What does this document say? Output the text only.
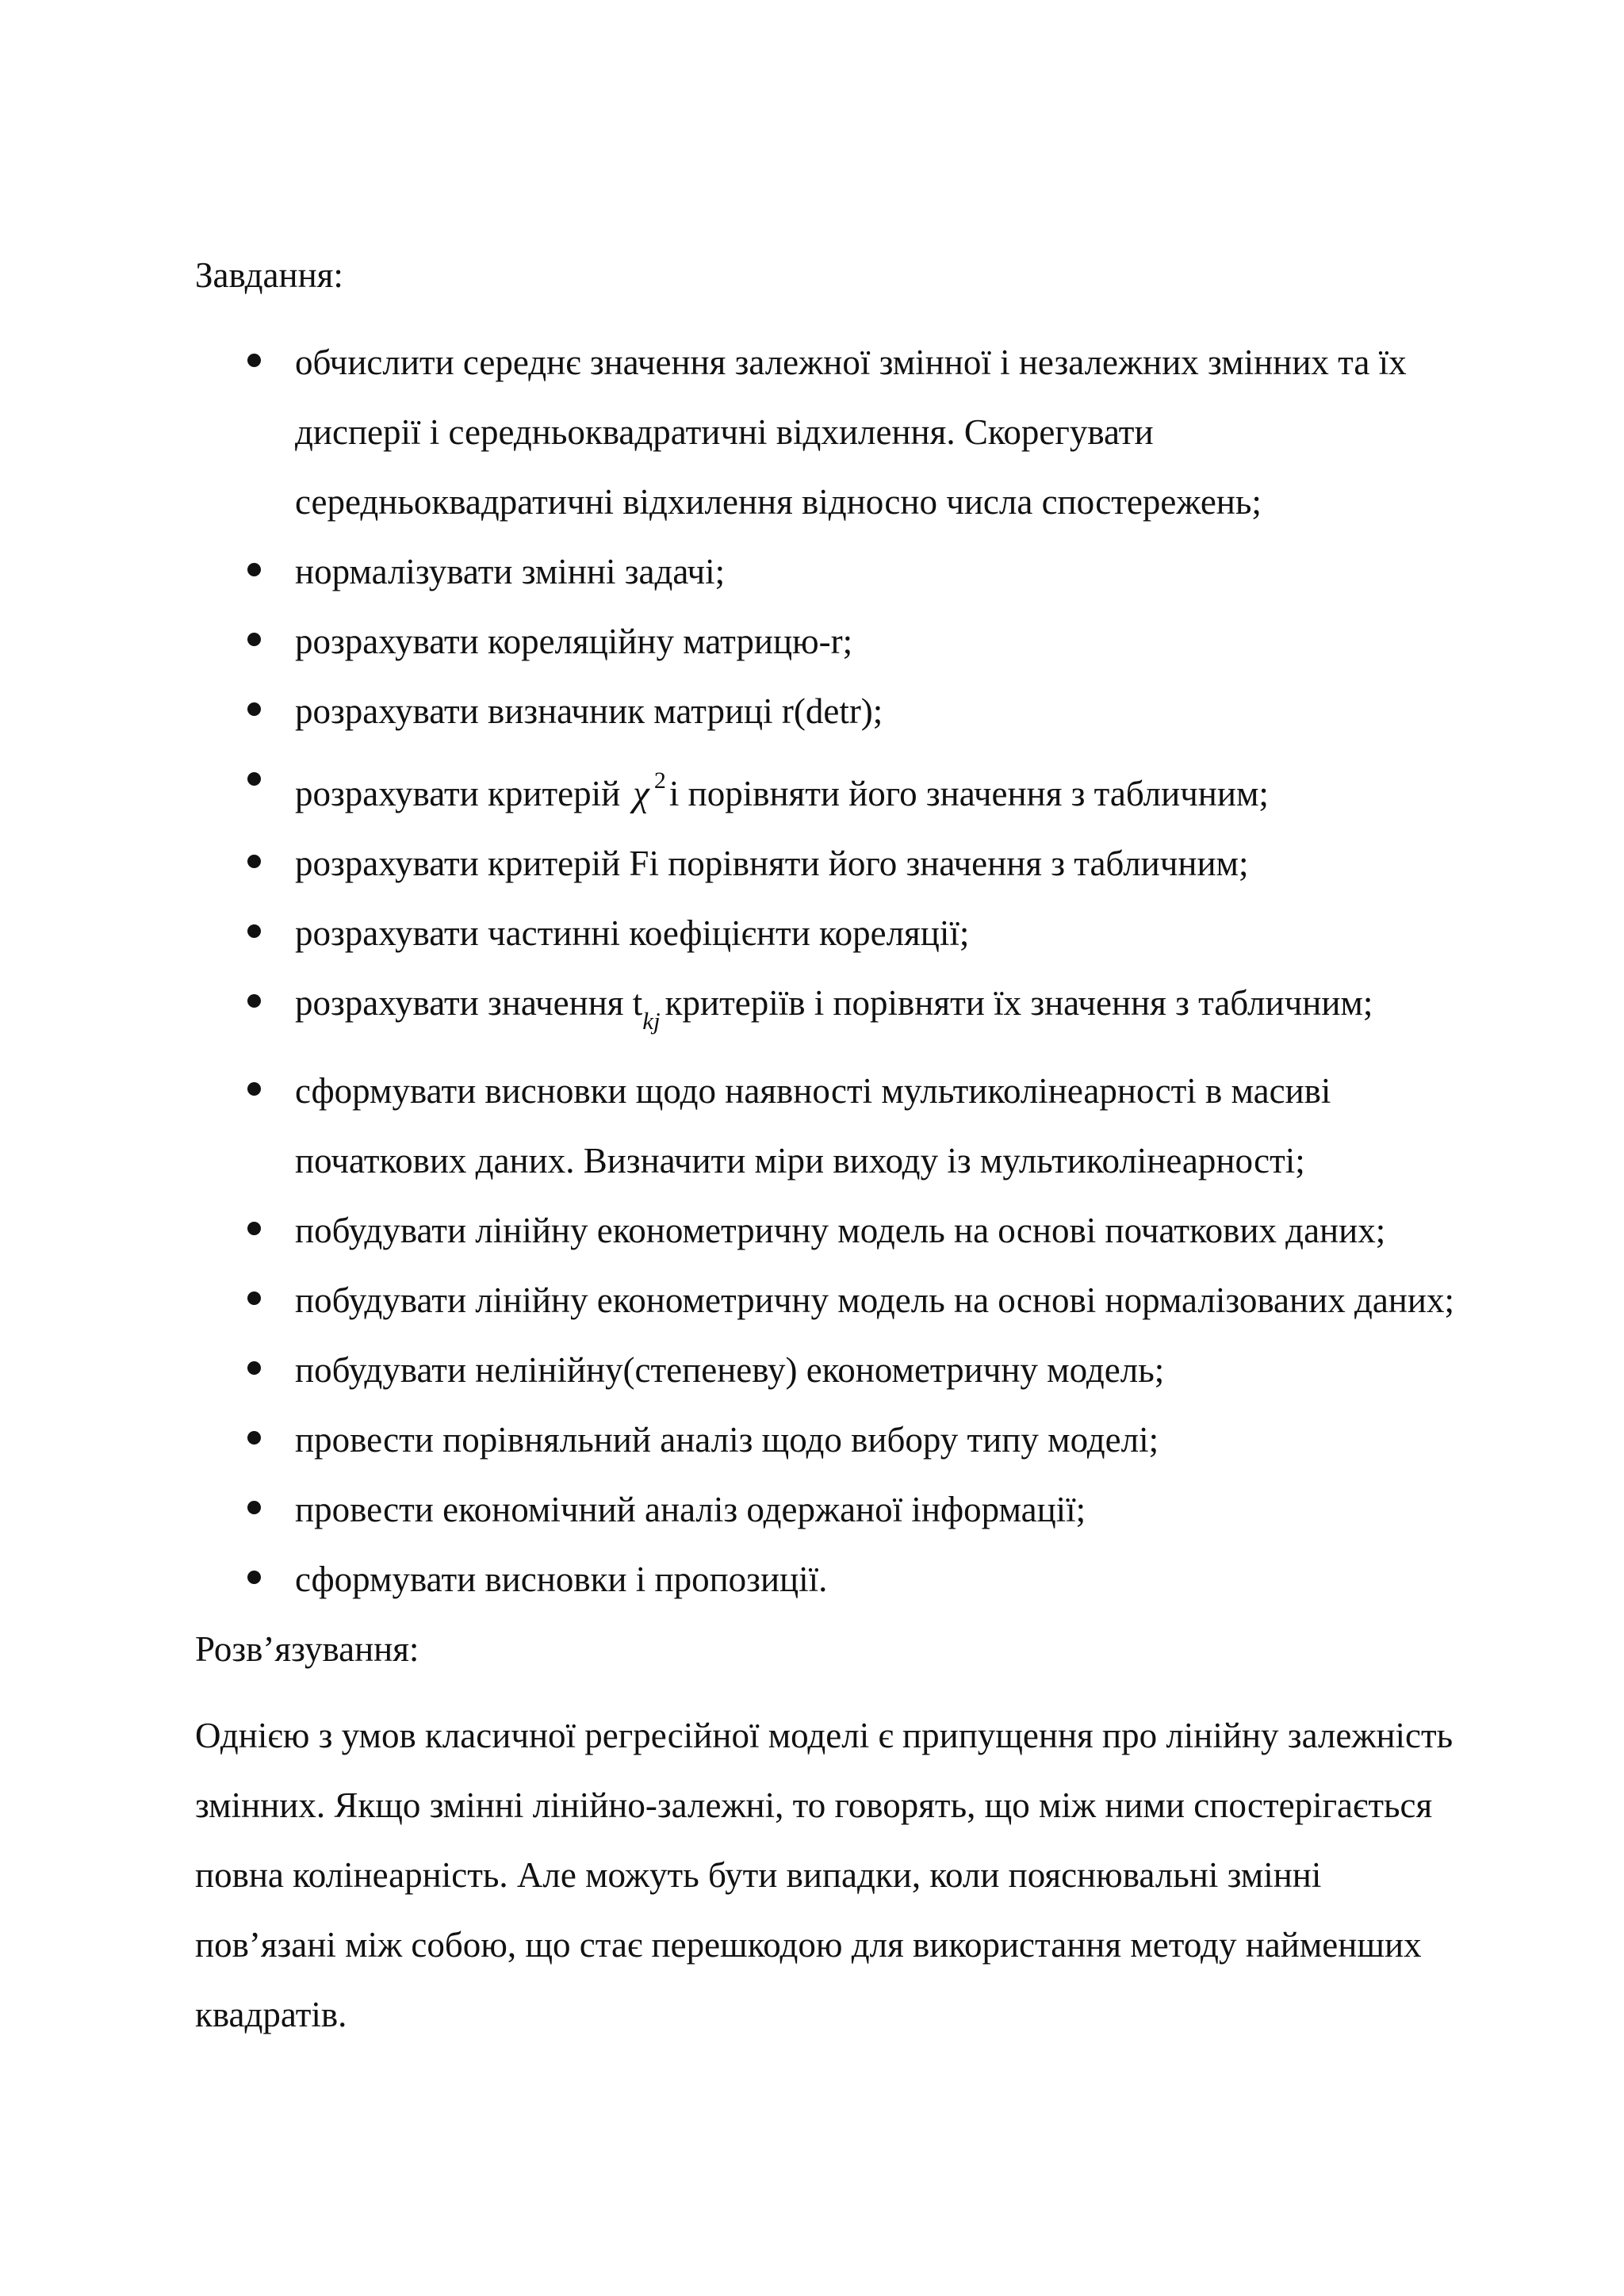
Завдання:
обчислити середнє значення залежної змінної і незалежних змінних та їх
дисперії і середньоквадратичні відхилення. Скорегувати
середньоквадратичні відхилення відносно числа спостережень;
нормалізувати змінні задачі;
розрахувати кореляційну матрицю-r;
розрахувати визначник матриці r(detr);
розрахувати критерій χ $^2$і порівняти його значення з табличним;
розрахувати критерій Fi порівняти його значення з табличним;
розрахувати частинні коефіцієнти кореляції;
розрахувати значення $t_{kj}$ критеріїв і порівняти їх значення з табличним;
сформувати висновки щодо наявності мультиколінеарності в масиві
початкових даних. Визначити міри виходу із мультиколінеарності;
побудувати лінійну економетричну модель на основі початкових даних;
побудувати лінійну економетричну модель на основі нормалізованих даних;
побудувати нелінійну(степеневу) економетричну модель;
провести порівняльний аналіз щодо вибору типу моделі;
провести економічний аналіз одержаної інформації;
сформувати висновки і пропозиції.
Розв’язування:

Однією з умов класичної регресійної моделі є припущення про лінійну залежність
змінних. Якщо змінні лінійно-залежні, то говорять, що між ними спостерігається
повна колінеарність. Але можуть бути випадки, коли пояснювальні змінні
пов’язані між собою, що стає перешкодою для використання методу найменших
квадратів.
